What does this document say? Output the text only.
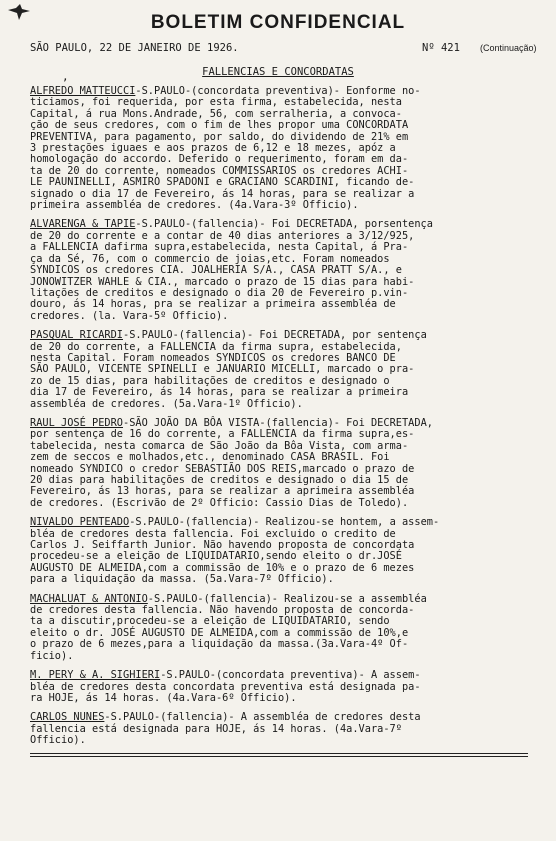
BOLETIM CONFIDENCIAL
SÃO PAULO, 22 DE JANEIRO DE 1926.	Nº 421 (Continuação)
,	FALLENCIAS E CONCORDATAS

ALFREDO MATTEUCCI-S.PAULO-(concordata preventiva)- Eonforme no-

ticiamos, foi requerida, por esta firma, estabelecida, nesta

Capital, á rua Mons.Andrade, 56, com serralheria, a convoca-

ção de seus credores, com o fim de lhes propor uma CONCORDATA

PREVENTIVA, para pagamento, por saldo, do dividendo de 21% em

3 prestações iguaes e aos prazos de 6,12 e 18 mezes, apóz a

homologação do accordo. Deferido o requerimento, foram em da-

ta de 20 do corrente, nomeados COMMISSARIOS os credores ACHI-

LE PAUNINELLI, ASMIRO SPADONI e GRACIANO SCARDINI, ficando de-

signado o dia 17 de Fevereiro, ás 14 horas, para se realizar a

primeira assembléa de credores. (4a.Vara-3º Officio).

ALVARENGA & TAPIE-S.PAULO-(fallencia)- Foi DECRETADA, porsentença

de 20 do corrente e a contar de 40 dias anteriores a 3/12/925,

a FALLENCIA dafirma supra,estabelecida, nesta Capital, á Pra-

ça da Sé, 76, com o commercio de joias,etc. Foram nomeados

SYNDICOS os credores CIA. JOALHERIA S/A., CASA PRATT S/A., e

JONOWITZER WAHLE & CIA., marcado o prazo de 15 dias para habi-

litações de creditos e designado o dia 20 de Fevereiro p.vin-

douro, ás 14 horas, pra se realizar a primeira assembléa de

credores. (la. Vara-5º Officio).

PASQUAL RICARDI-S.PAULO-(fallencia)- Foi DECRETADA, por sentença

de 20 do corrente, a FALLENCIA da firma supra, estabelecida,

nesta Capital. Foram nomeados SYNDICOS os credores BANCO DE

SÃO PAULO, VICENTE SPINELLI e JANUARIO MICELLI, marcado o pra-

zo de 15 dias, para habilitações de creditos e designado o

dia 17 de Fevereiro, ás 14 horas, para se realizar a primeira

assembléa de credores. (5a.Vara-1º Officio).

RAUL JOSÉ PEDRO-SÃO JOÃO DA BÔA VISTA-(fallencia)- Foi DECRETADA,

por sentença de 16 do corrente, a FALLENCIA da firma supra,es-

tabelecida, nesta comarca de São João da Bôa Vista, com arma-

zem de seccos e molhados,etc., denominado CASA BRASIL. Foi

nomeado SYNDICO o credor SEBASTIÃO DOS REIS,marcado o prazo de

20 dias para habilitações de creditos e designado o dia 15 de

Fevereiro, ás 13 horas, para se realizar a aprimeira assembléa

de credores. (Escrivão de 2º Officio: Cassio Dias de Toledo).

NIVALDO PENTEADO-S.PAULO-(fallencia)- Realizou-se hontem, a assem-

bléa de credores desta fallencia. Foi excluido o credito de

Carlos J. Seiffarth Junior. Não havendo proposta de concordata

procedeu-se a eleição de LIQUIDATARIO,sendo eleito o dr.JOSÉ

AUGUSTO DE ALMEIDA,com a commissão de 10% e o prazo de 6 mezes

para a liquidação da massa. (5a.Vara-7º Officio).

MACHALUAT & ANTONIO-S.PAULO-(fallencia)- Realizou-se a assembléa

de credores desta fallencia. Não havendo proposta de concorda-

ta a discutir,procedeu-se a eleição de LIQUIDATARIO, sendo

eleito o dr. JOSÉ AUGUSTO DE ALMEIDA,com a commissão de 10%,e

o prazo de 6 mezes,para a liquidação da massa.(3a.Vara-4º Of-

ficio).

M. PERY & A. SIGHIERI-S.PAULO-(concordata preventiva)- A assem-

bléa de credores desta concordata preventiva está designada pa-

ra HOJE, ás 14 horas. (4a.Vara-6º Officio).

CARLOS NUNES-S.PAULO-(fallencia)- A assembléa de credores desta

fallencia está designada para HOJE, ás 14 horas. (4a.Vara-7º

Officio).
